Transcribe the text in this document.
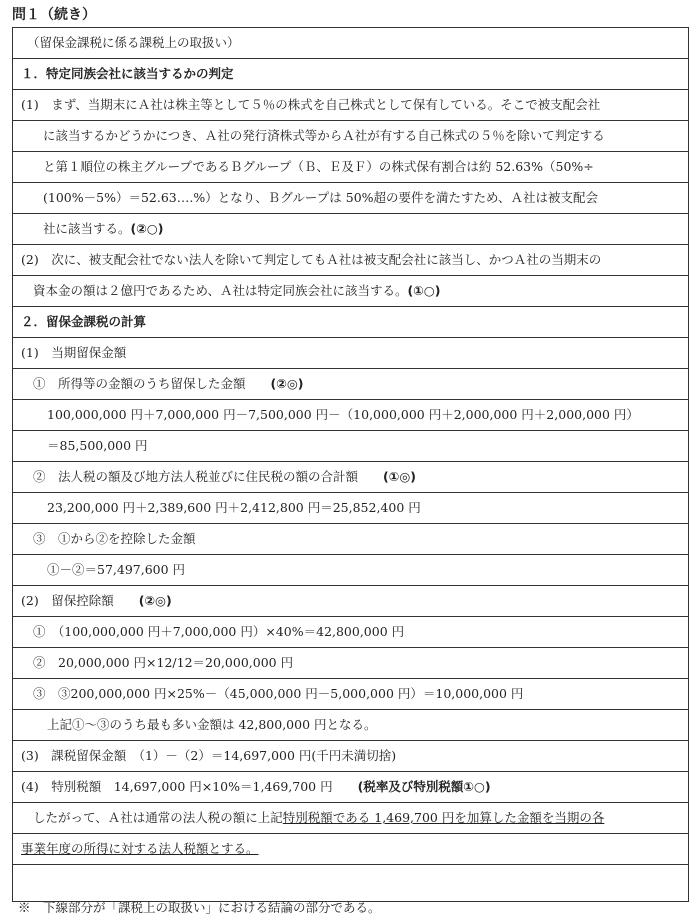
問１（続き）
（留保金課税に係る課税上の取扱い）
１．特定同族会社に該当するかの判定
(1)　まず、当期末にＡ社は株主等として５％の株式を自己株式として保有している。そこで被支配会社
に該当するかどうかにつき、Ａ社の発行済株式等からＡ社が有する自己株式の５％を除いて判定する
と第１順位の株主グループであるＢグループ（Ｂ、Ｅ及Ｆ）の株式保有割合は約 52.63%（50%÷
(100%－5%）＝52.63‥‥%）となり、Ｂグループは 50%超の要件を満たすため、Ａ社は被支配会
社に該当する。(②○)
(2)　次に、被支配会社でない法人を除いて判定してもＡ社は被支配会社に該当し、かつＡ社の当期末の
資本金の額は２億円であるため、Ａ社は特定同族会社に該当する。(①○)
２．留保金課税の計算
(1)　当期留保金額
①　所得等の金額のうち留保した金額　　 (②◎)
100,000,000 円＋7,000,000 円－7,500,000 円－（10,000,000 円＋2,000,000 円＋2,000,000 円）
＝85,500,000 円
②　法人税の額及び地方法人税並びに住民税の額の合計額　　 (①◎)
23,200,000 円＋2,389,600 円＋2,412,800 円＝25,852,400 円
③　①から②を控除した金額
①－②＝57,497,600 円
(2)　留保控除額　　 (②◎)
①　（100,000,000 円＋7,000,000 円）×40%＝42,800,000 円
②　20,000,000 円×12/12＝20,000,000 円
③　③200,000,000 円×25%－（45,000,000 円－5,000,000 円）＝10,000,000 円
上記①～③のうち最も多い金額は 42,800,000 円となる。
(3)　課税留保金額　（1）－（2）＝14,697,000 円(千円未満切捨)
(4)　特別税額　14,697,000 円×10%＝1,469,700 円　　 (税率及び特別税額①○)
したがって、Ａ社は通常の法人税の額に上記特別税額である 1,469,700 円を加算した金額を当期の各
事業年度の所得に対する法人税額とする。
※　下線部分が「課税上の取扱い」における結論の部分である。
